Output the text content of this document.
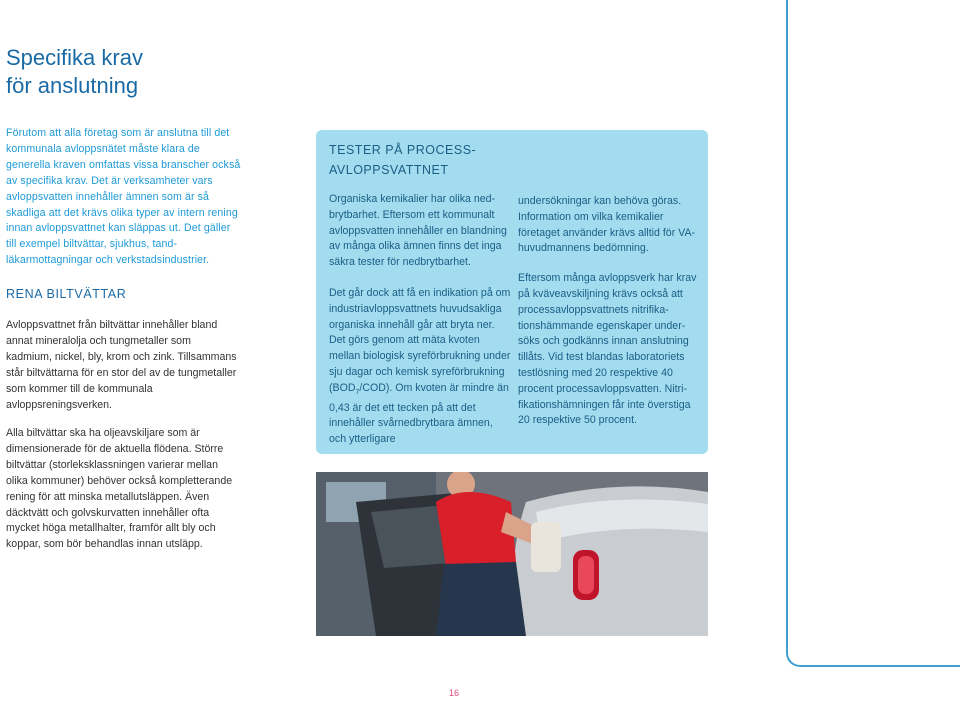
Specifika krav
för anslutning

Förutom att alla företag som är anslutna till det kommunala avloppsnätet måste klara de generella kraven omfattas vissa branscher också av specifika krav. Det är verksamheter vars avloppsvatten innehåller ämnen som är så skadliga att det krävs olika typer av intern rening innan avloppsvattnet kan släppas ut. Det gäller till exempel biltvättar, sjukhus, tandläkarmottagningar och verkstadsindustrier.

RENA BILTVÄTTAR

Avloppsvattnet från biltvättar innehåller bland annat mineralolja och tungmetaller som kadmium, nickel, bly, krom och zink. Tillsammans står biltvättarna för en stor del av de tungmetaller som kommer till de kommunala avloppsreningsverken.

Alla biltvättar ska ha oljeavskiljare som är dimensionerade för de aktuella flödena. Större biltvättar (storleksklassningen varierar mellan olika kommuner) behöver också kompletterande rening för att minska metallutsläppen. Även däcktvätt och golvskurvatten innehåller ofta mycket höga metallhalter, framför allt bly och koppar, som bör behandlas innan utsläpp.

TESTER PÅ PROCESS-
AVLOPPSVATTNET

Organiska kemikalier har olika nedbrytbarhet. Eftersom ett kommunalt avloppsvatten innehåller en blandning av många olika ämnen finns det inga säkra tester för nedbrytbarhet.

Det går dock att få en indikation på om industriavloppsvattnets huvudsakliga organiska innehåll går att bryta ner. Det görs genom att mäta kvoten mellan biologisk syreförbrukning under sju dagar och kemisk syreförbrukning $(BOD_7/COD)$. Om kvoten är mindre än 0,43 är det ett tecken på att det innehåller svårnedbrytbara ämnen, och ytterligare

undersökningar kan behöva göras. Information om vilka kemikalier företaget använder krävs alltid för VA-huvudmannens bedömning.

Eftersom många avloppsverk har krav på kväveavskiljning krävs också att processavloppsvattnets nitrifikationshämmande egenskaper undersöks och godkänns innan anslutning tillåts. Vid test blandas laboratoriets testlösning med 20 respektive 40 procent processavloppsvatten. Nitrifikationshämningen får inte överstiga 20 respektive 50 procent.

16
